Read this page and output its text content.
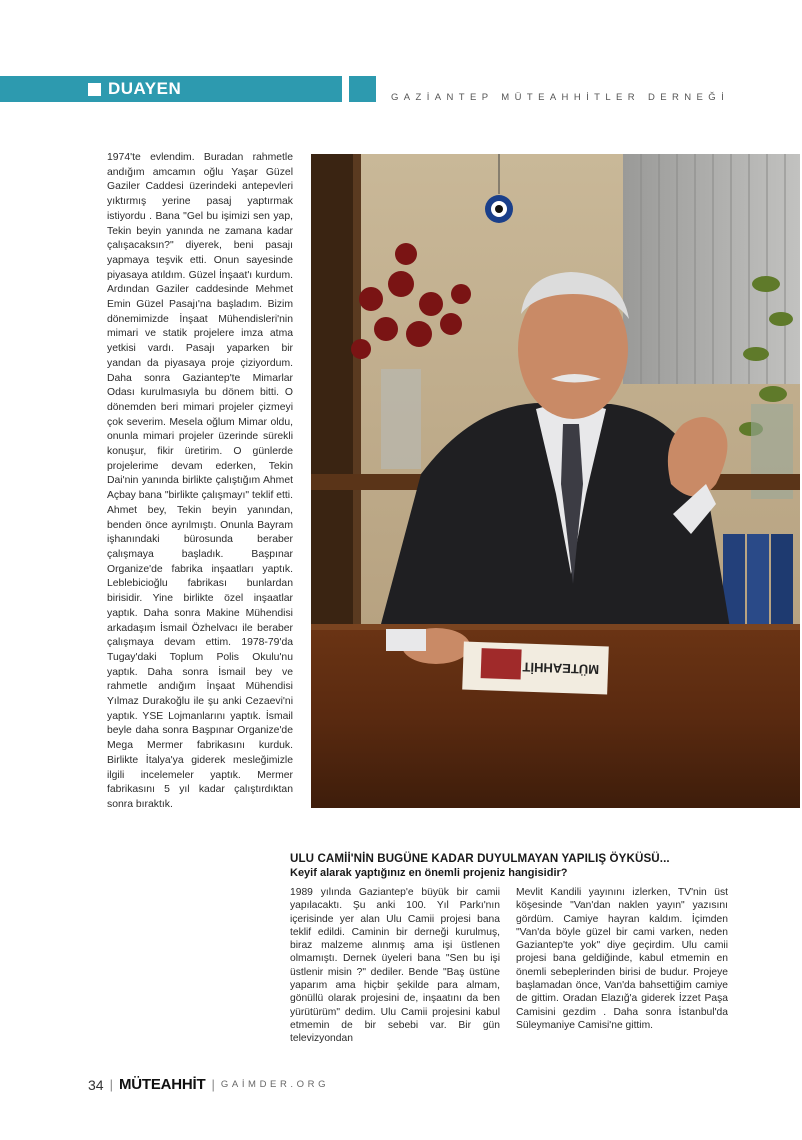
DUAYEN	GAZİANTEP MÜTEAHHİTLER DERNEĞİ
1974'te evlendim. Buradan rahmetle andığım amcamın oğlu Yaşar Güzel Gaziler Caddesi üzerindeki antepevleri yıktırmış yerine pasaj yaptırmak istiyordu . Bana "Gel bu işimizi sen yap, Tekin beyin yanında ne zamana kadar çalışacaksın?" diyerek, beni pasajı yapmaya teşvik etti. Onun sayesinde piyasaya atıldım. Güzel İnşaat'ı kurdum. Ardından Gaziler caddesinde Mehmet Emin Güzel Pasajı'na başladım. Bizim dönemimizde İnşaat Mühendisleri'nin mimari ve statik projelere imza atma yetkisi vardı. Pasajı yaparken bir yandan da piyasaya proje çiziyordum. Daha sonra Gaziantep'te Mimarlar Odası kurulmasıyla bu dönem bitti. O dönemden beri mimari projeler çizmeyi çok severim. Mesela oğlum Mimar oldu, onunla mimari projeler üzerinde sürekli konuşur, fikir üretirim. O günlerde projelerime devam ederken, Tekin Dai'nin yanında birlikte çalıştığım Ahmet Açbay bana "birlikte çalışmayı" teklif etti. Ahmet bey, Tekin beyin yanından, benden önce ayrılmıştı. Onunla Bayram işhanındaki bürosunda beraber çalışmaya başladık. Başpınar Organize'de fabrika inşaatları yaptık. Leblebicioğlu fabrikası bunlardan birisidir. Yine birlikte özel inşaatlar yaptık. Daha sonra Makine Mühendisi arkadaşım İsmail Özhelvacı ile beraber çalışmaya devam ettim. 1978-79'da Tugay'daki Toplum Polis Okulu'nu yaptık. Daha sonra İsmail bey ve rahmetle andığım İnşaat Mühendisi Yılmaz Durakoğlu ile şu anki Cezaevi'ni yaptık. YSE Lojmanlarını yaptık. İsmail beyle daha sonra Başpınar Organize'de Mega Mermer fabrikasını kurduk. Birlikte İtalya'ya giderek mesleğimizle ilgili incelemeler yaptık. Mermer fabrikasını 5 yıl kadar çalıştırdıktan sonra bıraktık.
MÜTEAHHİT
ULU CAMİİ'NİN BUGÜNE KADAR DUYULMAYAN YAPILIŞ ÖYKÜSÜ...
Keyif alarak yaptığınız en önemli projeniz hangisidir?
1989 yılında Gaziantep'e büyük bir camii yapılacaktı. Şu anki 100. Yıl Parkı'nın içerisinde yer alan Ulu Camii projesi bana teklif edildi. Caminin bir derneği kurulmuş, biraz malzeme alınmış ama işi üstlenen olmamıştı. Dernek üyeleri bana "Sen bu işi üstlenir misin ?" dediler. Bende "Baş üstüne yaparım ama hiçbir şekilde para almam, gönüllü olarak projesini de, inşaatını da ben yürütürüm" dedim. Ulu Camii projesini kabul etmemin de bir sebebi var. Bir gün televizyondan
Mevlit Kandili yayınını izlerken, TV'nin üst köşesinde "Van'dan naklen yayın" yazısını gördüm. Camiye hayran kaldım. İçimden "Van'da böyle güzel bir cami varken, neden Gaziantep'te yok" diye geçirdim. Ulu camii projesi bana geldiğinde, kabul etmemin en önemli sebeplerinden birisi de budur. Projeye başlamadan önce, Van'da bahsettiğim camiye de gittim. Oradan Elazığ'a giderek İzzet Paşa Camisini gezdim . Daha sonra İstanbul'da Süleymaniye Camisi'ne gittim.
34 | MÜTEAHHİT | GAİMDER.ORG
